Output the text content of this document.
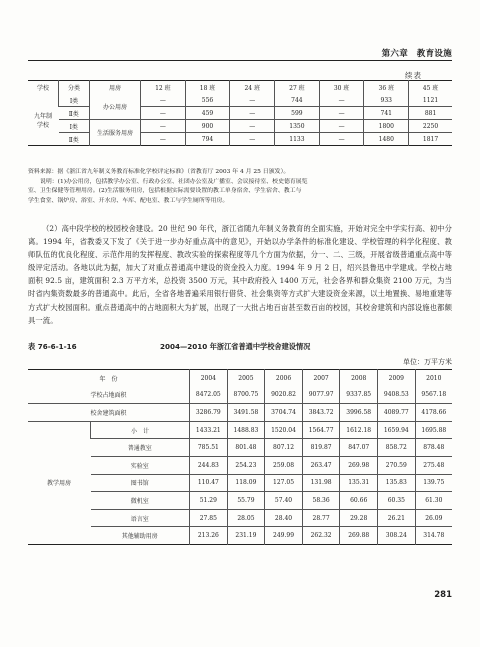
第六章　教育设施
续表
学校	分类	用房	12 班	18 班	24 班	27 班	30 班	36 班	45 班
九年制学校	Ⅰ类	办公用房	—	556	—	744	—	933	1121
	Ⅱ类		—	459	—	599	—	741	881
	Ⅰ类	生活服务用房	—	900	—	1350	—	1800	2250
	Ⅱ类		—	794	—	1133	—	1480	1817

资料来源：据《浙江省九年制义务教育标准化学校评定标准》（省教育厅 2003 年 4 月 25 日颁发）。

说明：(1)办公用房，包括教学办公室、行政办公室、社团办公室及广播室、会议接待室、校史德育展览

室、卫生保健等管理用房。(2)生活服务用房，包括根据实际需要设置的教工单身宿舍、学生宿舍、教工与

学生食堂、锅炉房、浴室、开水房、车库、配电室、教工与学生厕所等用房。

（2）高中段学校的校园校舍建设。20 世纪 90 年代，浙江省随九年制义务教育的全面实施，开始对完全中学实行高、初中分离。1994 年，省教委又下发了《关于进一步办好重点高中的意见》，开始以办学条件的标准化建设、学校管理的科学化程度、教师队伍的优良化程度、示范作用的发挥程度、教改实验的探索程度等几个方面为依据，分一、二、三级，开展省级普通重点高中等级评定活动。各地以此为据，加大了对重点普通高中建设的资金投入力度。1994 年 9 月 2 日，绍兴县鲁迅中学建成。学校占地面积 92.5 亩，建筑面积 2.3 万平方米，总投资 3500 万元，其中政府投入 1400 万元，社会各界和群众集资 2100 万元，为当时省内集资数最多的普通高中。此后，全省各地普遍采用银行借贷、社会集资等方式扩大建设资金来源，以土地置换、易地重建等方式扩大校园面积。重点普通高中的占地面积大为扩展，出现了一大批占地百亩甚至数百亩的校园，其校舍建筑和内部设施也都颇具一流。
表 76-6-1-16	2004—2010 年浙江省普通中学校舍建设情况
单位：万平方米
年　份		2004	2005	2006	2007	2008	2009	2010
学校占地面积		8472.05	8700.75	9020.82	9077.97	9337.85	9408.53	9567.18
校舍建筑面积		3286.79	3491.58	3704.74	3843.72	3996.58	4089.77	4178.66
教学用房	小　计	1433.21	1488.83	1520.04	1564.77	1612.18	1659.94	1695.88
	普通教室	785.51	801.48	807.12	819.87	847.07	858.72	878.48
	实验室	244.83	254.23	259.08	263.47	269.98	270.59	275.48
	图书馆	110.47	118.09	127.05	131.98	135.31	135.83	139.75
	微机室	51.29	55.79	57.40	58.36	60.66	60.35	61.30
	语言室	27.85	28.05	28.40	28.77	29.28	26.21	26.09
	其他辅助用房	213.26	231.19	249.99	262.32	269.88	308.24	314.78
281
